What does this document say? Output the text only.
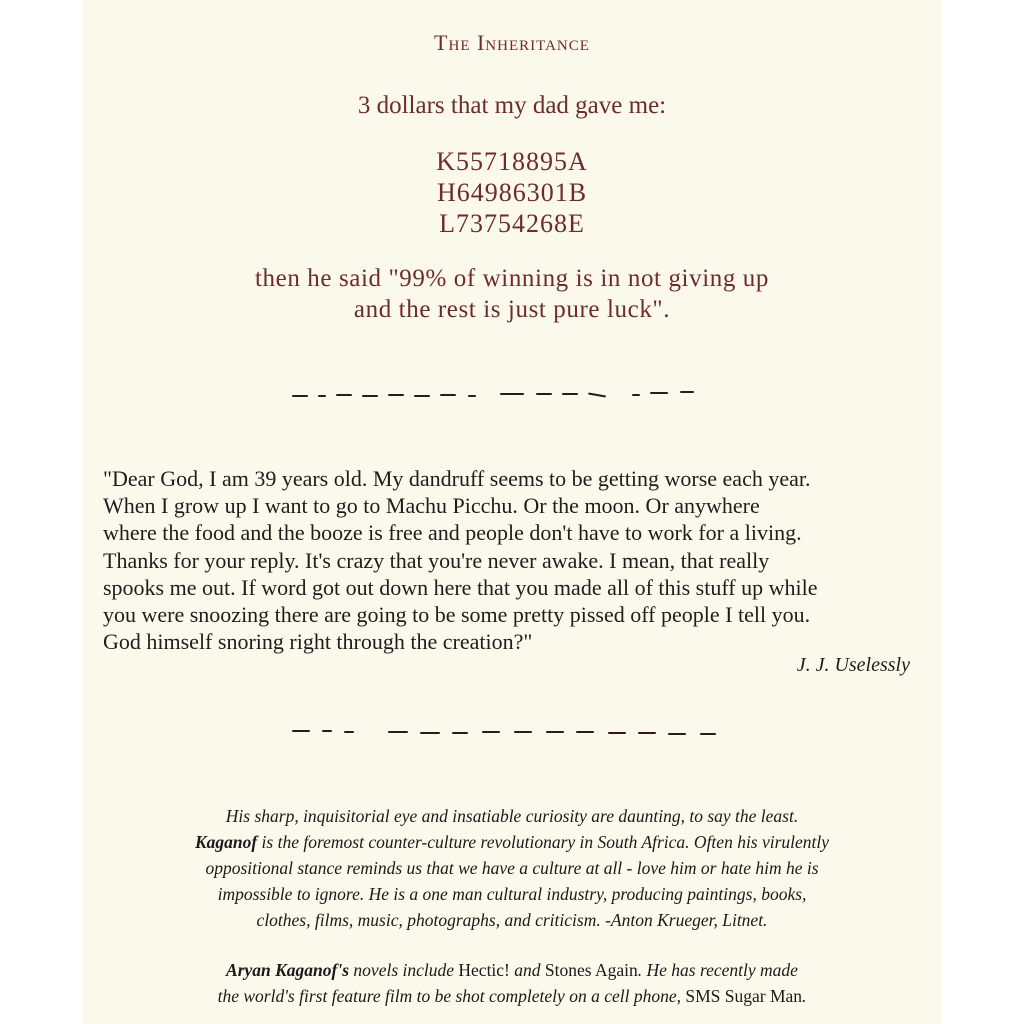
The Inheritance
3 dollars that my dad gave me:
K55718895A
H64986301B
L73754268E
then he said "99% of winning is in not giving up
and the rest is just pure luck".
"Dear God, I am 39 years old. My dandruff seems to be getting worse each year.
When I grow up I want to go to Machu Picchu. Or the moon. Or anywhere
where the food and the booze is free and people don't have to work for a living.
Thanks for your reply. It's crazy that you're never awake. I mean, that really
spooks me out. If word got out down here that you made all of this stuff up while
you were snoozing there are going to be some pretty pissed off people I tell you.
God himself snoring right through the creation?"
J. J. Uselessly
His sharp, inquisitorial eye and insatiable curiosity are daunting, to say the least.
Kaganof is the foremost counter-culture revolutionary in South Africa. Often his virulently
oppositional stance reminds us that we have a culture at all - love him or hate him he is
impossible to ignore. He is a one man cultural industry, producing paintings, books,
clothes, films, music, photographs, and criticism. -Anton Krueger, Litnet.
Aryan Kaganof's novels include Hectic! and Stones Again. He has recently made
the world's first feature film to be shot completely on a cell phone, SMS Sugar Man.
